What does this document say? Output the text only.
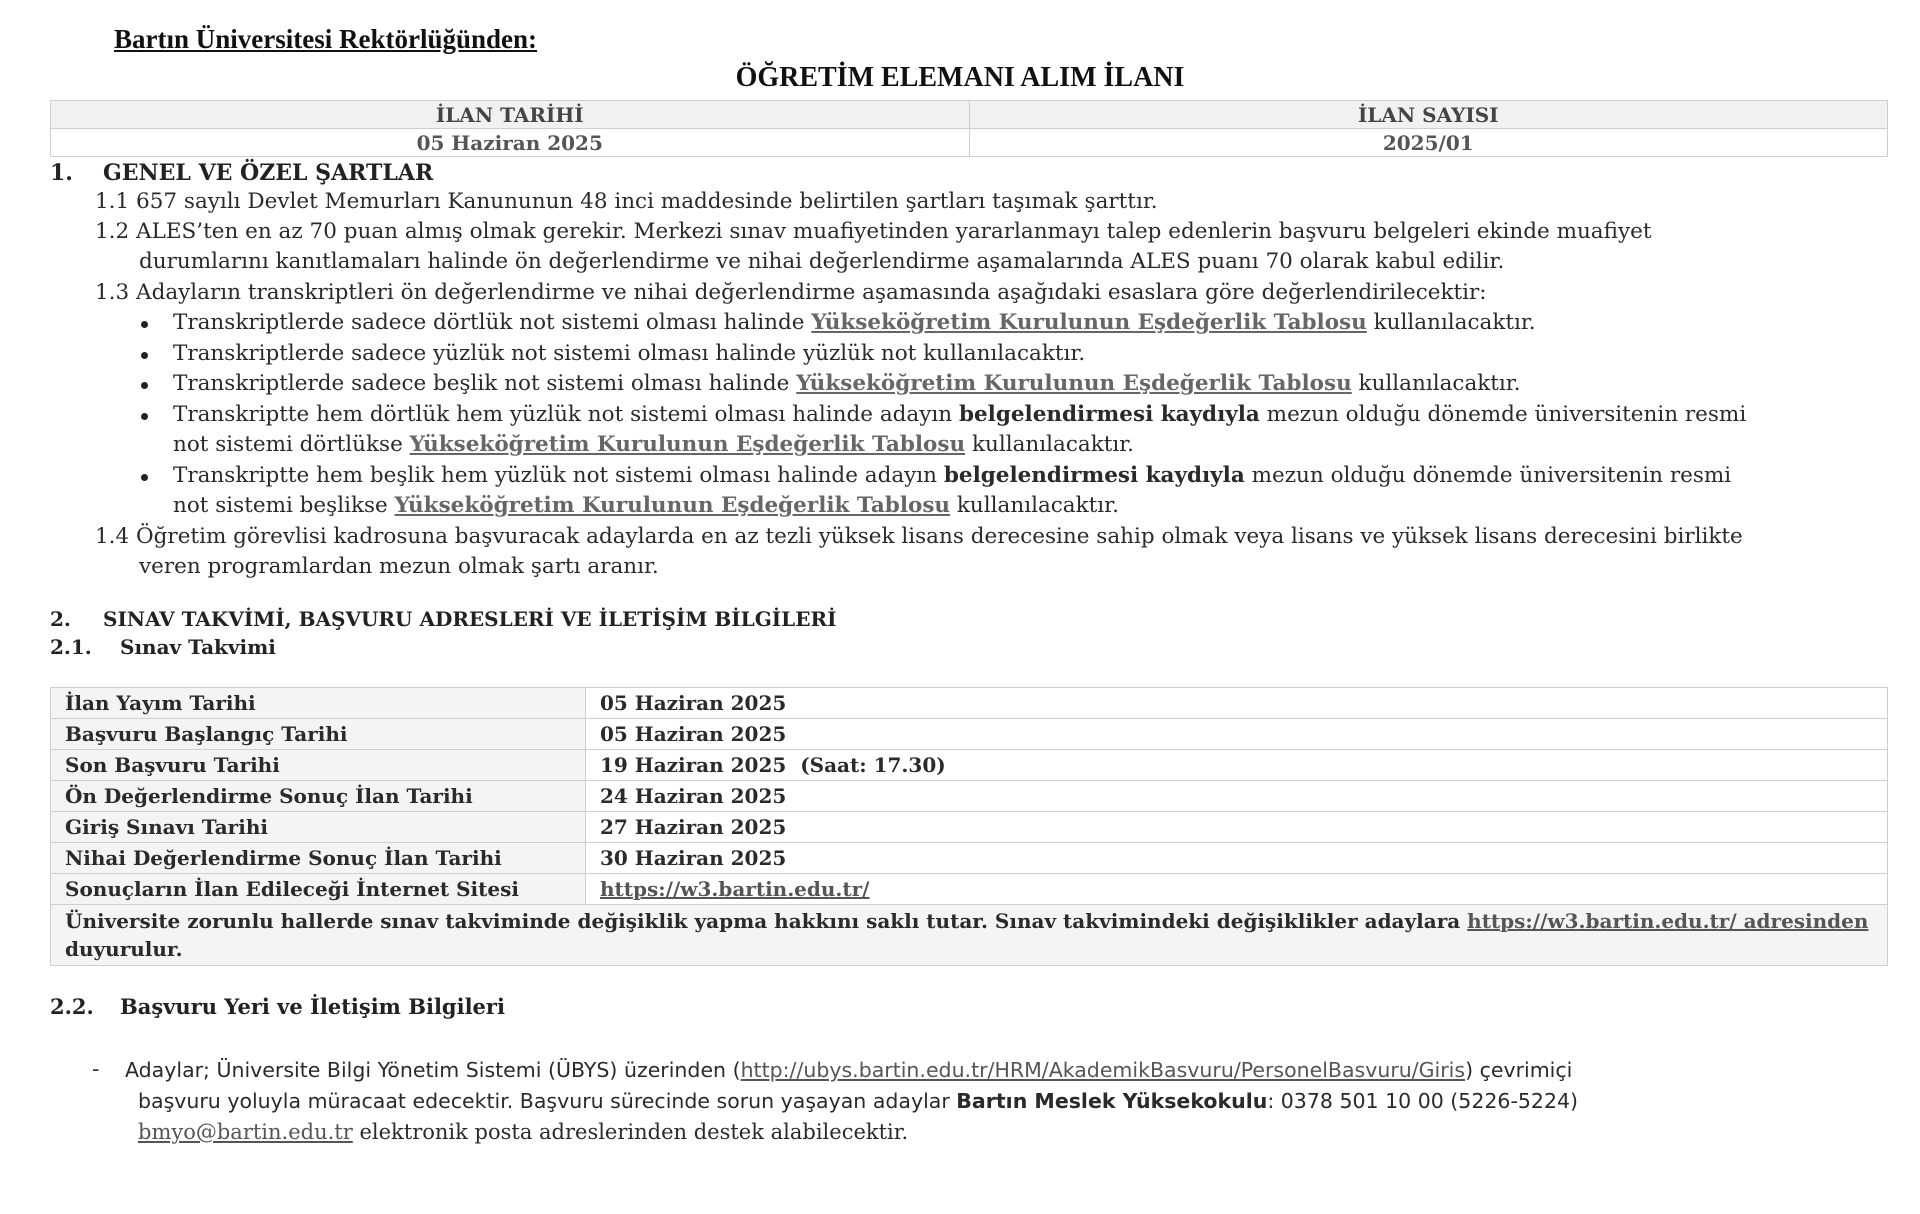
Bartın Üniversitesi Rektörlüğünden:
ÖĞRETİM ELEMANI ALIM İLANI
İLAN TARİHİ	İLAN SAYISI
05 Haziran 2025	2025/01
1. GENEL VE ÖZEL ŞARTLAR
1.1 657 sayılı Devlet Memurları Kanununun 48 inci maddesinde belirtilen şartları taşımak şarttır.
1.2 ALES’ten en az 70 puan almış olmak gerekir. Merkezi sınav muafiyetinden yararlanmayı talep edenlerin başvuru belgeleri ekinde muafiyet
durumlarını kanıtlamaları halinde ön değerlendirme ve nihai değerlendirme aşamalarında ALES puanı 70 olarak kabul edilir.
1.3 Adayların transkriptleri ön değerlendirme ve nihai değerlendirme aşamasında aşağıdaki esaslara göre değerlendirilecektir:
Transkriptlerde sadece dörtlük not sistemi olması halinde Yükseköğretim Kurulunun Eşdeğerlik Tablosu kullanılacaktır.
Transkriptlerde sadece yüzlük not sistemi olması halinde yüzlük not kullanılacaktır.
Transkriptlerde sadece beşlik not sistemi olması halinde Yükseköğretim Kurulunun Eşdeğerlik Tablosu kullanılacaktır.
Transkriptte hem dörtlük hem yüzlük not sistemi olması halinde adayın belgelendirmesi kaydıyla mezun olduğu dönemde üniversitenin resmi
not sistemi dörtlükse Yükseköğretim Kurulunun Eşdeğerlik Tablosu kullanılacaktır.
Transkriptte hem beşlik hem yüzlük not sistemi olması halinde adayın belgelendirmesi kaydıyla mezun olduğu dönemde üniversitenin resmi
not sistemi beşlikse Yükseköğretim Kurulunun Eşdeğerlik Tablosu kullanılacaktır.
1.4 Öğretim görevlisi kadrosuna başvuracak adaylarda en az tezli yüksek lisans derecesine sahip olmak veya lisans ve yüksek lisans derecesini birlikte
veren programlardan mezun olmak şartı aranır.
2. SINAV TAKVİMİ, BAŞVURU ADRESLERİ VE İLETİŞİM BİLGİLERİ
2.1. Sınav Takvimi
İlan Yayım Tarihi	05 Haziran 2025
Başvuru Başlangıç Tarihi	05 Haziran 2025
Son Başvuru Tarihi	19 Haziran 2025  (Saat: 17.30)
Ön Değerlendirme Sonuç İlan Tarihi	24 Haziran 2025
Giriş Sınavı Tarihi	27 Haziran 2025
Nihai Değerlendirme Sonuç İlan Tarihi	30 Haziran 2025
Sonuçların İlan Edileceği İnternet Sitesi	https://w3.bartin.edu.tr/
Üniversite zorunlu hallerde sınav takviminde değişiklik yapma hakkını saklı tutar. Sınav takvimindeki değişiklikler adaylara https://w3.bartin.edu.tr/ adresinden duyurulur.	
2.2. Başvuru Yeri ve İletişim Bilgileri
- Adaylar; Üniversite Bilgi Yönetim Sistemi (ÜBYS) üzerinden (http://ubys.bartin.edu.tr/HRM/AkademikBasvuru/PersonelBasvuru/Giris) çevrimiçi
başvuru yoluyla müracaat edecektir. Başvuru sürecinde sorun yaşayan adaylar Bartın Meslek Yüksekokulu: 0378 501 10 00 (5226-5224)
bmyo@bartin.edu.tr elektronik posta adreslerinden destek alabilecektir.
